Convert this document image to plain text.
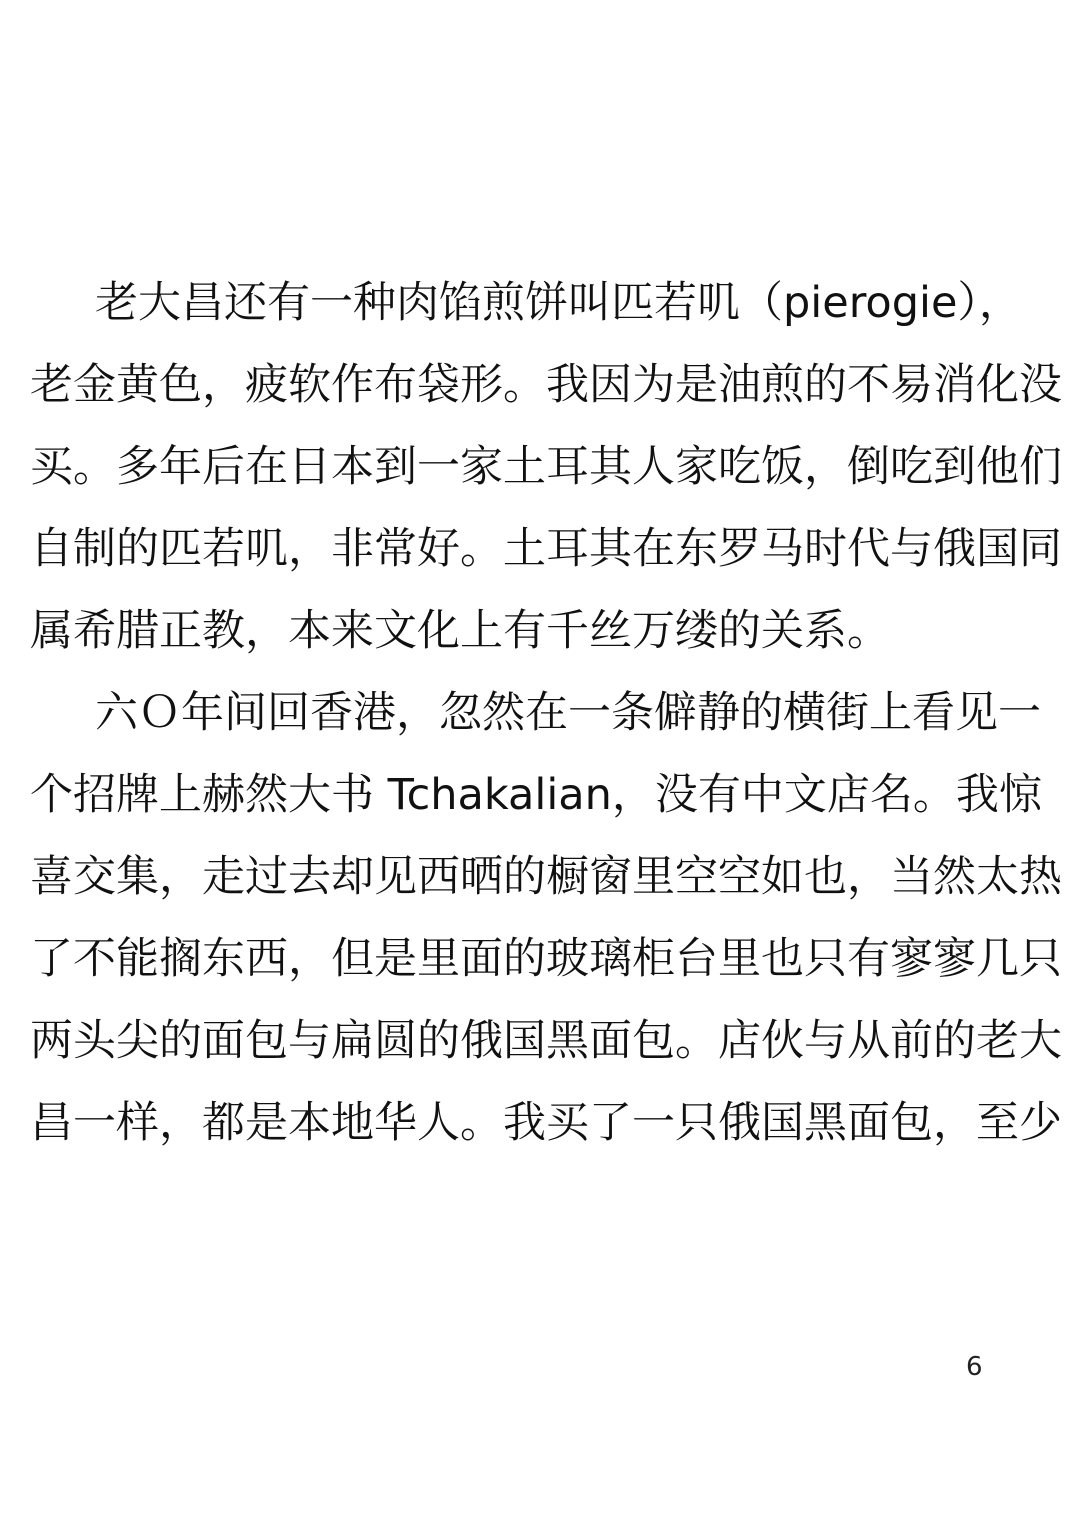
老大昌还有一种肉馅煎饼叫匹若叽（pierogie），
老金黄色，疲软作布袋形。我因为是油煎的不易消化没
买。多年后在日本到一家土耳其人家吃饭，倒吃到他们
自制的匹若叽，非常好。土耳其在东罗马时代与俄国同
属希腊正教，本来文化上有千丝万缕的关系。
六Ｏ年间回香港，忽然在一条僻静的横街上看见一
个招牌上赫然大书 Tchakalian，没有中文店名。我惊
喜交集，走过去却见西晒的橱窗里空空如也，当然太热
了不能搁东西，但是里面的玻璃柜台里也只有寥寥几只
两头尖的面包与扁圆的俄国黑面包。店伙与从前的老大
昌一样，都是本地华人。我买了一只俄国黑面包，至少
6
